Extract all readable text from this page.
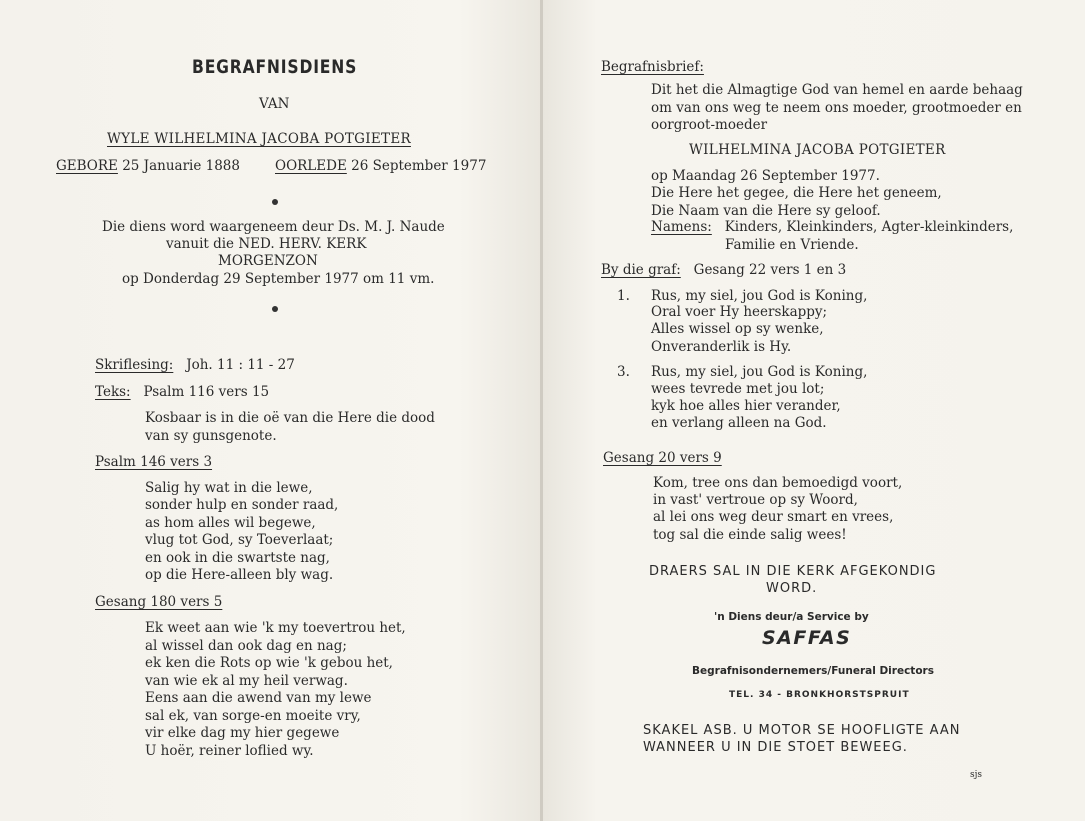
BEGRAFNISDIENS
VAN
WYLE WILHELMINA JACOBA POTGIETER
GEBORE 25 Januarie 1888	OORLEDE 26 September 1977
Die diens word waargeneem deur Ds. M. J. Naude
vanuit die NED. HERV. KERK
MORGENZON
op Donderdag 29 September 1977 om 11 vm.
Skriflesing: Joh. 11 : 11 - 27
Teks: Psalm 116 vers 15
Kosbaar is in die oë van die Here die dood
van sy gunsgenote.
Psalm 146 vers 3
Salig hy wat in die lewe,
sonder hulp en sonder raad,
as hom alles wil begewe,
vlug tot God, sy Toeverlaat;
en ook in die swartste nag,
op die Here-alleen bly wag.
Gesang 180 vers 5
Ek weet aan wie 'k my toevertrou het,
al wissel dan ook dag en nag;
ek ken die Rots op wie 'k gebou het,
van wie ek al my heil verwag.
Eens aan die awend van my lewe
sal ek, van sorge-en moeite vry,
vir elke dag my hier gegewe
U hoër, reiner loflied wy.
Begrafnisbrief:
Dit het die Almagtige God van hemel en aarde behaag
om van ons weg te neem ons moeder, grootmoeder en
oorgroot-moeder
WILHELMINA JACOBA POTGIETER
op Maandag 26 September 1977.
Die Here het gegee, die Here het geneem,
Die Naam van die Here sy geloof.
Namens: Kinders, Kleinkinders, Agter-kleinkinders,
Familie en Vriende.
By die graf: Gesang 22 vers 1 en 3
1. Rus, my siel, jou God is Koning,
Oral voer Hy heerskappy;
Alles wissel op sy wenke,
Onveranderlik is Hy.
3. Rus, my siel, jou God is Koning,
wees tevrede met jou lot;
kyk hoe alles hier verander,
en verlang alleen na God.
Gesang 20 vers 9
Kom, tree ons dan bemoedigd voort,
in vast' vertroue op sy Woord,
al lei ons weg deur smart en vrees,
tog sal die einde salig wees!
DRAERS SAL IN DIE KERK AFGEKONDIG
WORD.
'n Diens deur/a Service by
SAFFAS
Begrafnisondernemers/Funeral Directors
TEL. 34 - BRONKHORSTSPRUIT
SKAKEL ASB. U MOTOR SE HOOFLIGTE AAN
WANNEER U IN DIE STOET BEWEEG.
sjs
